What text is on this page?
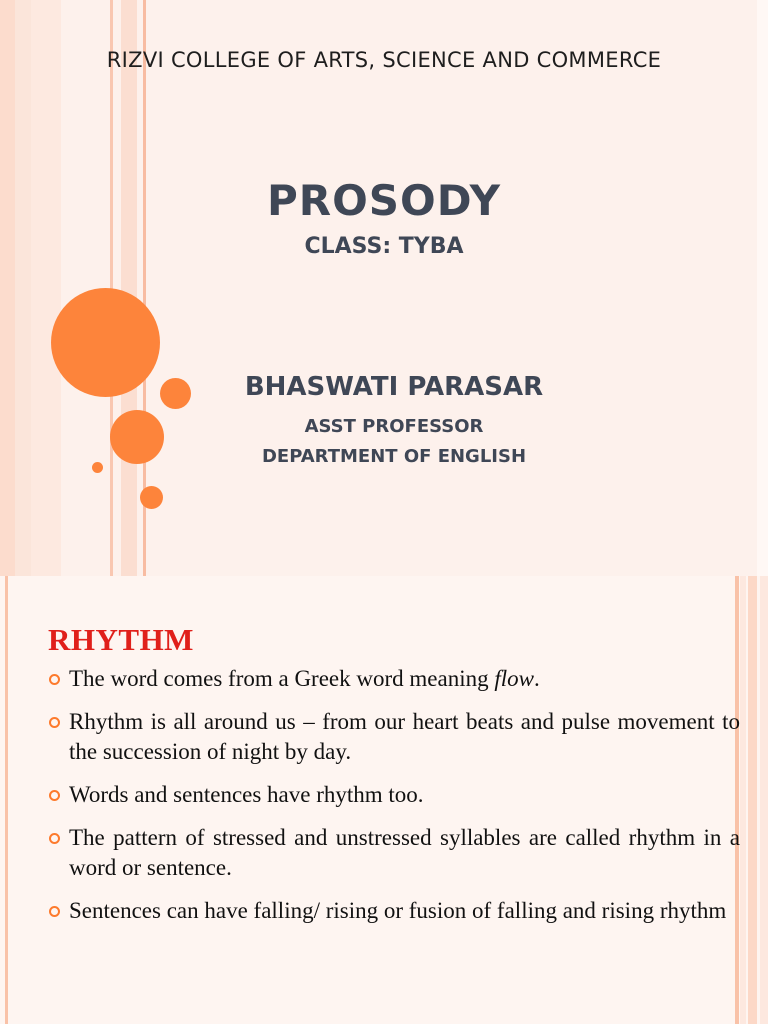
RIZVI COLLEGE OF ARTS, SCIENCE AND COMMERCE
PROSODY
CLASS: TYBA
BHASWATI PARASAR
ASST PROFESSOR
DEPARTMENT OF ENGLISH
RHYTHM
The word comes from a Greek word meaning flow.
Rhythm is all around us – from our heart beats and pulse movement to the succession of night by day.
Words and sentences have rhythm too.
The pattern of stressed and unstressed syllables are called rhythm in a word or sentence.
Sentences can have falling/ rising or fusion of falling and rising rhythm
